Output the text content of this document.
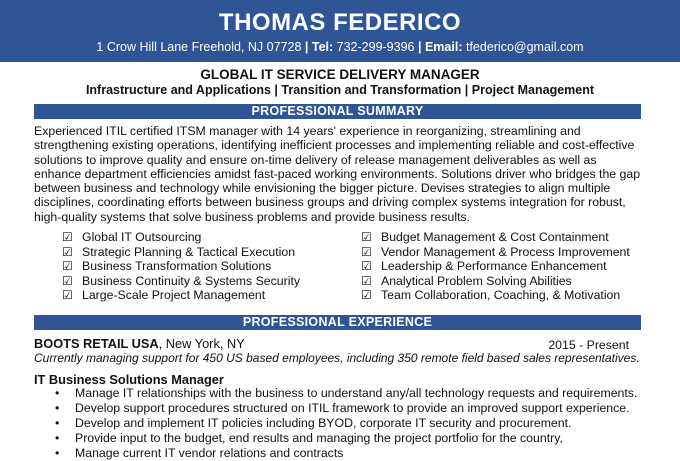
THOMAS FEDERICO
1 Crow Hill Lane Freehold, NJ 07728 | Tel: 732-299-9396 | Email: tfederico@gmail.com
GLOBAL IT SERVICE DELIVERY MANAGER
Infrastructure and Applications | Transition and Transformation | Project Management
PROFESSIONAL SUMMARY
Experienced ITIL certified ITSM manager with 14 years' experience in reorganizing, streamlining and strengthening existing operations, identifying inefficient processes and implementing reliable and cost-effective solutions to improve quality and ensure on-time delivery of release management deliverables as well as enhance department efficiencies amidst fast-paced working environments. Solutions driver who bridges the gap between business and technology while envisioning the bigger picture. Devises strategies to align multiple disciplines, coordinating efforts between business groups and driving complex systems integration for robust, high-quality systems that solve business problems and provide business results.
☑ Global IT Outsourcing
☑ Strategic Planning & Tactical Execution
☑ Business Transformation Solutions
☑ Business Continuity & Systems Security
☑ Large-Scale Project Management
☑ Budget Management & Cost Containment
☑ Vendor Management & Process Improvement
☑ Leadership & Performance Enhancement
☑ Analytical Problem Solving Abilities
☑ Team Collaboration, Coaching, & Motivation
PROFESSIONAL EXPERIENCE
BOOTS RETAIL USA, New York, NY	2015 - Present
Currently managing support for 450 US based employees, including 350 remote field based sales representatives.
IT Business Solutions Manager
• Manage IT relationships with the business to understand any/all technology requests and requirements.
• Develop support procedures structured on ITIL framework to provide an improved support experience.
• Develop and implement IT policies including BYOD, corporate IT security and procurement.
• Provide input to the budget, end results and managing the project portfolio for the country,
• Manage current IT vendor relations and contracts
